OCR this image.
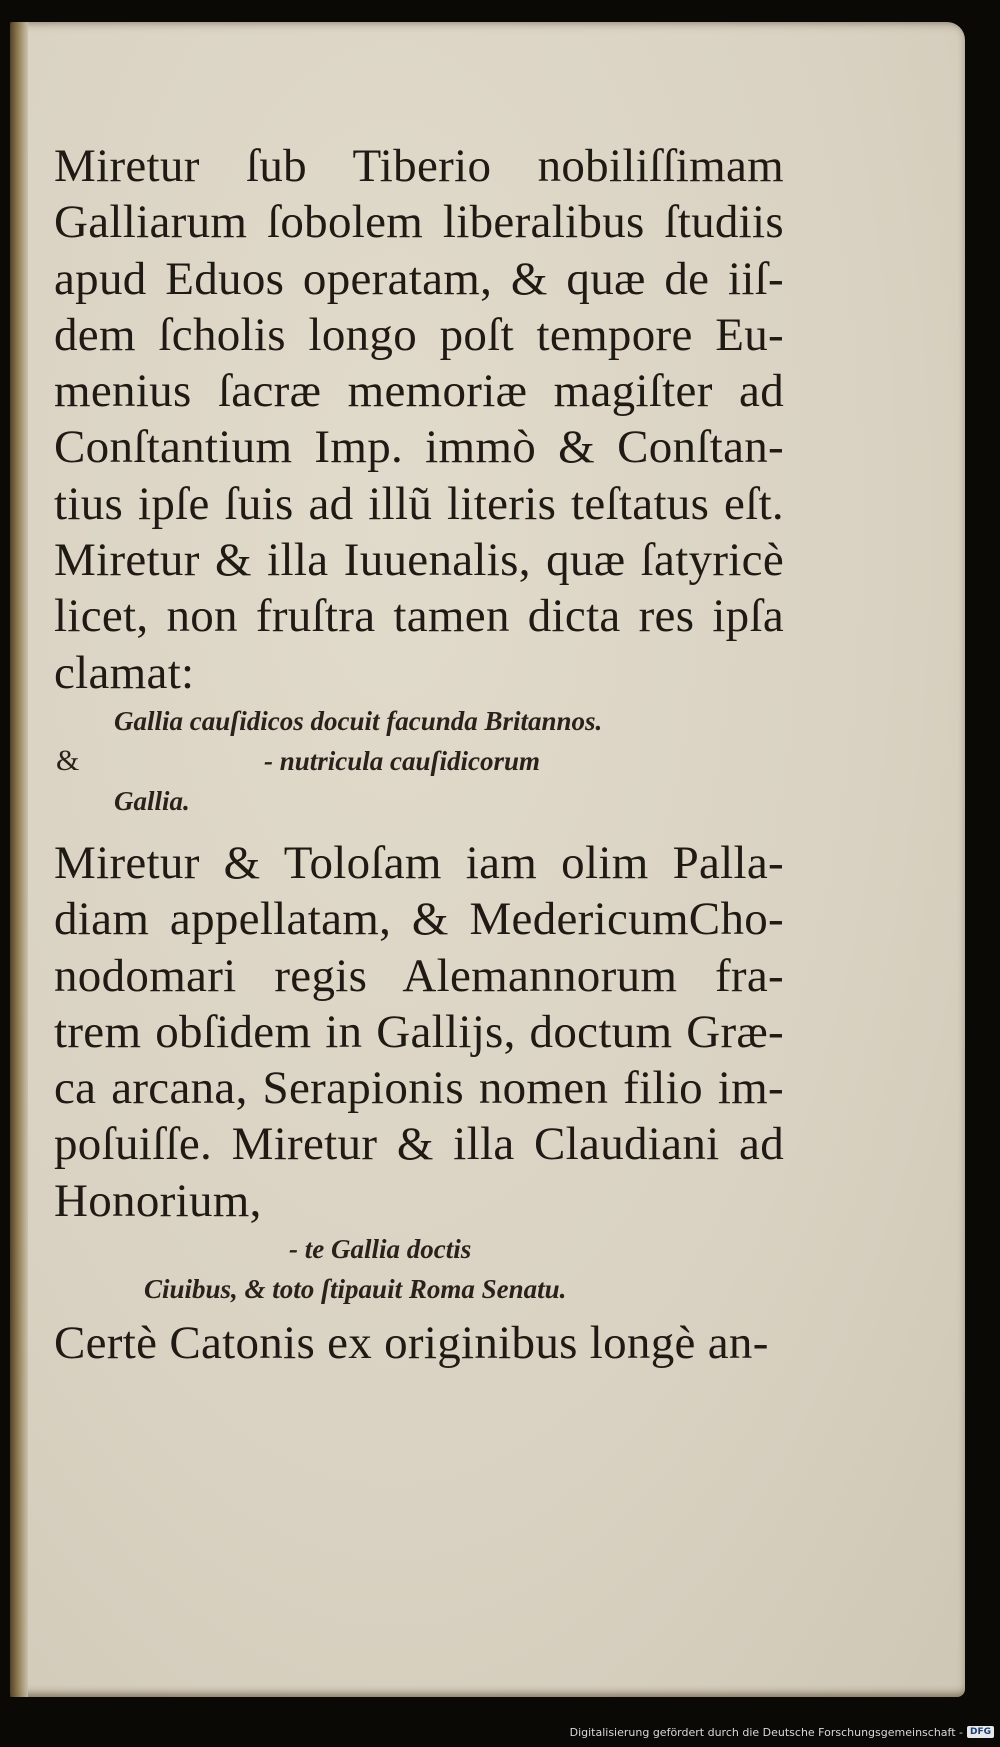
Miretur ſub Tiberio nobiliſſimam
Galliarum ſobolem liberalibus ſtudiis
apud Eduos operatam, & quæ de iiſ-
dem ſcholis longo poſt tempore Eu-
menius ſacræ memoriæ magiſter ad
Conſtantium Imp. immò & Conſtan-
tius ipſe ſuis ad illũ literis teſtatus eſt.
Miretur & illa Iuuenalis, quæ ſatyricè
licet, non fruſtra tamen dicta res ipſa
clamat:
Gallia cauſidicos docuit facunda Britannos.
&	- nutricula cauſidicorum
Gallia.
Miretur & Toloſam iam olim Palla-
diam appellatam, & MedericumCho-
nodomari regis Alemannorum fra-
trem obſidem in Gallijs, doctum Græ-
ca arcana, Serapionis nomen filio im-
poſuiſſe. Miretur & illa Claudiani ad
Honorium,
- te Gallia doctis
Ciuibus, & toto ſtipauit Roma Senatu.
Certè Catonis ex originibus longè an-
Digitalisierung gefördert durch die Deutsche Forschungsgemeinschaft - DFG
